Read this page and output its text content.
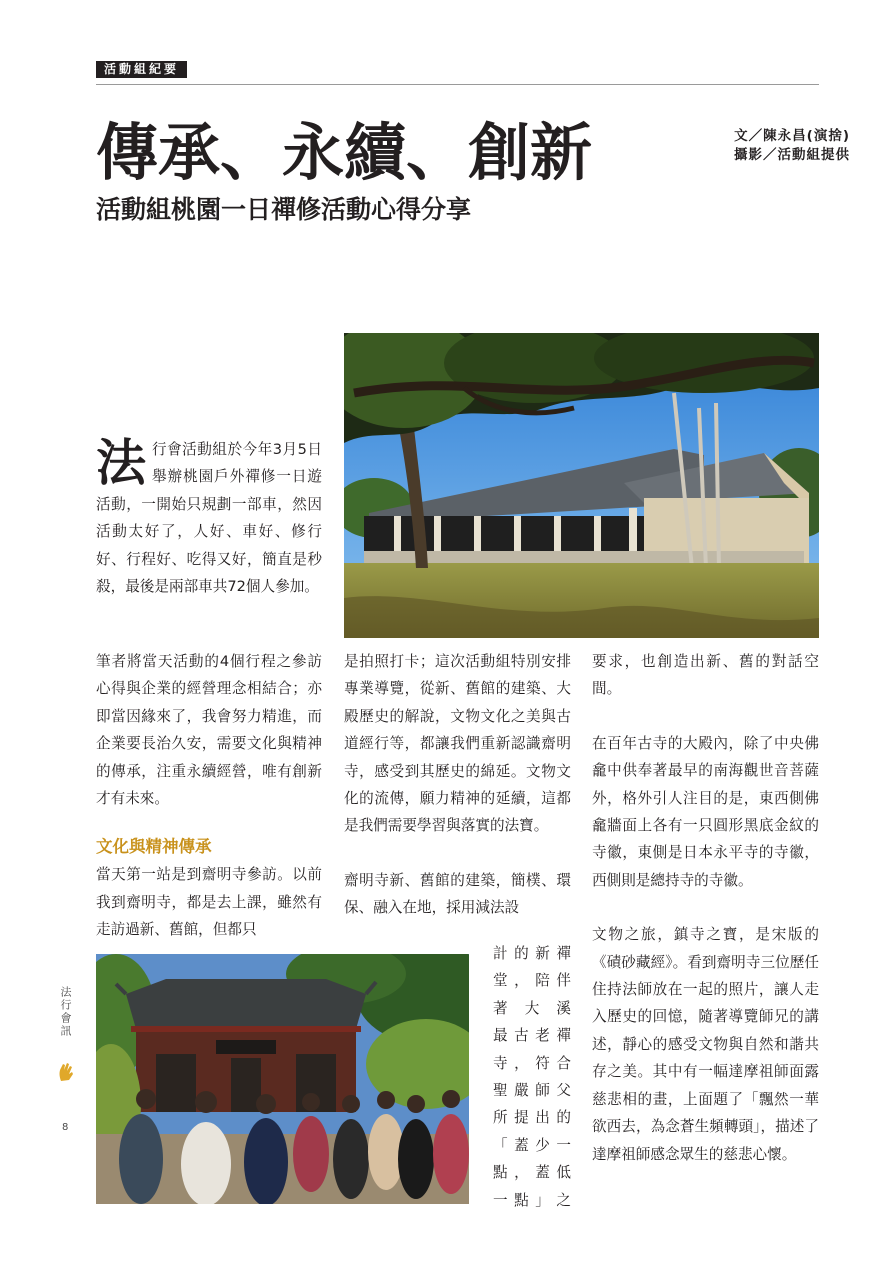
活動組紀要
傳承、永續、創新
活動組桃園一日禪修活動心得分享
文／陳永昌(演捨)
攝影／活動組提供

法行會活動組於今年3月5日舉辦桃園戶外禪修一日遊活動，一開始只規劃一部車，然因活動太好了，人好、車好、修行好、行程好、吃得又好，簡直是秒殺，最後是兩部車共72個人參加。

筆者將當天活動的4個行程之參訪心得與企業的經營理念相結合；亦即當因緣來了，我會努力精進，而企業要長治久安，需要文化與精神的傳承，注重永續經營，唯有創新才有未來。

文化與精神傳承

當天第一站是到齋明寺參訪。以前我到齋明寺，都是去上課，雖然有走訪過新、舊館，但都只

是拍照打卡；這次活動組特別安排專業導覽，從新、舊館的建築、大殿歷史的解說，文物文化之美與古道經行等，都讓我們重新認識齋明寺，感受到其歷史的綿延。文物文化的流傳，願力精神的延續，這都是我們需要學習與落實的法寶。

齋明寺新、舊館的建築，簡樸、環保、融入在地，採用減法設

計的新禪

堂，陪伴

著大溪

最古老禪

寺，符合

聖嚴師父

所提出的

「蓋少一

點，蓋低

一點」之

要求，也創造出新、舊的對話空間。

在百年古寺的大殿內，除了中央佛龕中供奉著最早的南海觀世音菩薩外，格外引人注目的是，東西側佛龕牆面上各有一只圓形黑底金紋的寺徽，東側是日本永平寺的寺徽，西側則是總持寺的寺徽。

文物之旅，鎮寺之寶，是宋版的《磧砂藏經》。看到齋明寺三位歷任住持法師放在一起的照片，讓人走入歷史的回憶，隨著導覽師兄的講述，靜心的感受文物與自然和諧共存之美。其中有一幅達摩祖師面露慈悲相的畫，上面題了「飄然一華欲西去，為念蒼生頻轉頭」，描述了達摩祖師感念眾生的慈悲心懷。

法行會訊
8
